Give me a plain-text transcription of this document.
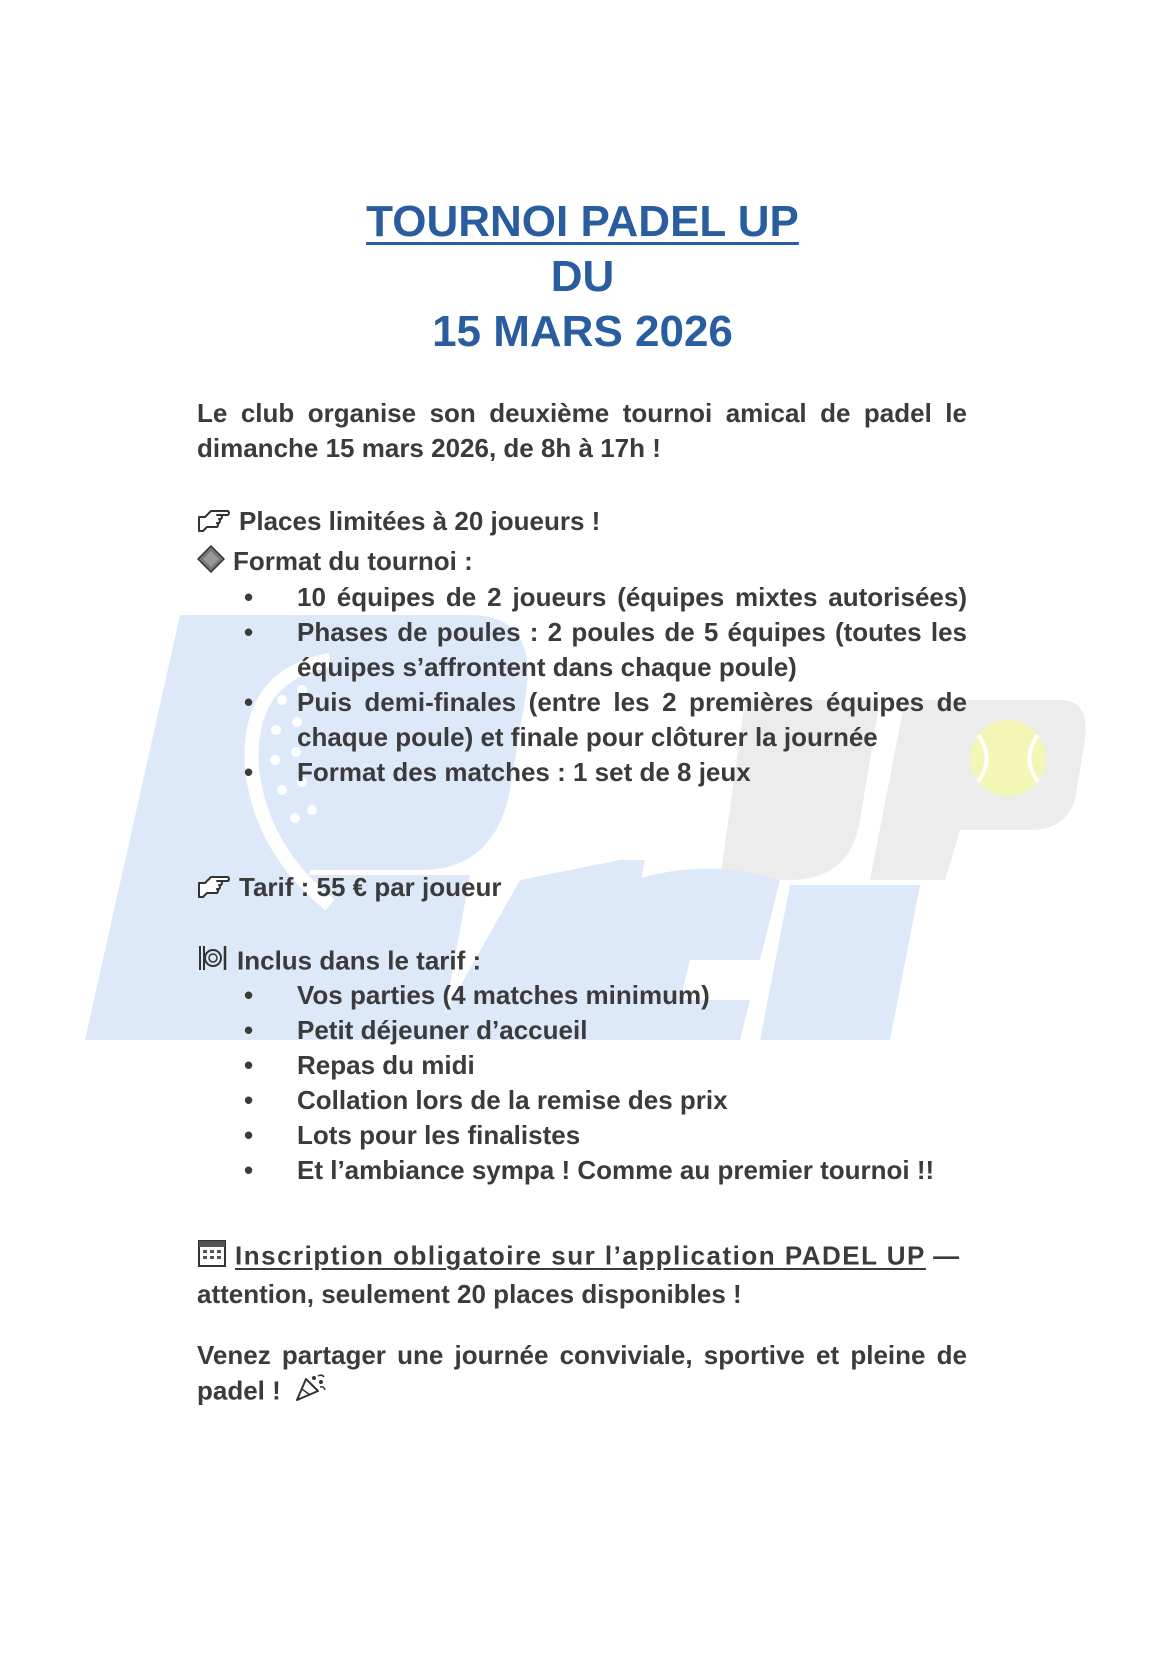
TOURNOI PADEL UP
DU
15 MARS 2026
Le club organise son deuxième tournoi amical de padel le dimanche 15 mars 2026, de 8h à 17h !
Places limitées à 20 joueurs !
Format du tournoi :
• 10 équipes de 2 joueurs (équipes mixtes autorisées)
• Phases de poules : 2 poules de 5 équipes (toutes les équipes s’affrontent dans chaque poule)
• Puis demi-finales (entre les 2 premières équipes de chaque poule) et finale pour clôturer la journée
• Format des matches : 1 set de 8 jeux
Tarif : 55 € par joueur
Inclus dans le tarif :
• Vos parties (4 matches minimum)
• Petit déjeuner d’accueil
• Repas du midi
• Collation lors de la remise des prix
• Lots pour les finalistes
• Et l’ambiance sympa ! Comme au premier tournoi !!
Inscription obligatoire sur l’application PADEL UP —
attention, seulement 20 places disponibles !
Venez partager une journée conviviale, sportive et pleine de padel !
